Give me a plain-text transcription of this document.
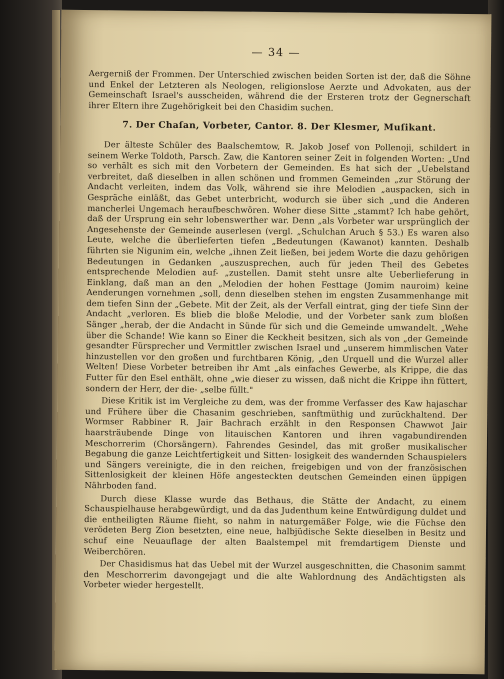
— 34 —

Aergerniß der Frommen. Der Unterschied zwischen beiden Sorten ist der, daß die Söhne und Enkel der Letzteren als Neologen, religionslose Aerzte und Advokaten, aus der Gemeinschaft Israel's ausscheiden, während die der Ersteren trotz der Gegnerschaft ihrer Eltern ihre Zugehörigkeit bei den Chasidim suchen.

7. Der Chaſan, Vorbeter, Cantor. 8. Der Klesmer, Muſikant.

Der älteste Schüler des Baalschemtow, R. Jakob Josef von Pollenoji, schildert in seinem Werke Toldoth, Parsch. Zaw, die Kantoren seiner Zeit in folgenden Worten: „Und so verhält es sich mit den Vorbetern der Gemeinden. Es hat sich der „Uebelstand verbreitet, daß dieselben in allen schönen und frommen Gemeinden „zur Störung der Andacht verleiten, indem das Volk, während sie ihre Melodien „auspacken, sich in Gespräche einläßt, das Gebet unterbricht, wodurch sie über sich „und die Anderen mancherlei Ungemach heraufbeschwören. Woher diese Sitte „stammt? Ich habe gehört, daß der Ursprung ein sehr lobenswerther war. Denn „als Vorbeter war ursprünglich der Angesehenste der Gemeinde auserlesen (vergl. „Schulchan Aruch § 53.) Es waren also Leute, welche die überlieferten tiefen „Bedeutungen (Kawanot) kannten. Deshalb führten sie Nigunim ein, welche „ihnen Zeit ließen, bei jedem Worte die dazu gehörigen Bedeutungen in Gedanken „auszusprechen, auch für jeden Theil des Gebetes entsprechende Melodien auf- „zustellen. Damit steht unsre alte Ueberlieferung in Einklang, daß man an den „Melodien der hohen Festtage (Jomim nauroim) keine Aenderungen vornehmen „soll, denn dieselben stehen im engsten Zusammenhange mit dem tiefen Sinn der „Gebete. Mit der Zeit, als der Verfall eintrat, ging der tiefe Sinn der Andacht „verloren. Es blieb die bloße Melodie, und der Vorbeter sank zum bloßen Sänger „herab, der die Andacht in Sünde für sich und die Gemeinde umwandelt. „Wehe über die Schande! Wie kann so Einer die Keckheit besitzen, sich als von „der Gemeinde gesandter Fürsprecher und Vermittler zwischen Israel und „unserem himmlischen Vater hinzustellen vor den großen und furchtbaren König, „den Urquell und die Wurzel aller Welten! Diese Vorbeter betreiben ihr Amt „als einfaches Gewerbe, als Krippe, die das Futter für den Esel enthält, ohne „wie dieser zu wissen, daß nicht die Krippe ihn füttert, sondern der Herr, der die- „selbe füllt."

Diese Kritik ist im Vergleiche zu dem, was der fromme Verfasser des Kaw hajaschar und Frühere über die Chasanim geschrieben, sanftmüthig und zurückhaltend. Der Wormser Rabbiner R. Jair Bachrach erzählt in den Responsen Chawwot Jair haarsträubende Dinge von litauischen Kantoren und ihren vagabundirenden Meschorrerim (Chorsängern). Fahrendes Gesindel, das mit großer musikalischer Begabung die ganze Leichtfertigkeit und Sitten- losigkeit des wandernden Schauspielers und Sängers vereinigte, die in den reichen, freigebigen und von der französischen Sittenlosigkeit der kleinen Höfe angesteckten deutschen Gemeinden einen üppigen Nährboden fand.

Durch diese Klasse wurde das Bethaus, die Stätte der Andacht, zu einem Schauspielhause herabgewürdigt, und da das Judenthum keine Entwürdigung duldet und die entheiligten Räume flieht, so nahm in naturgemäßer Folge, wie die Füchse den verödeten Berg Zion besetzten, eine neue, halbjüdische Sekte dieselben in Besitz und schuf eine Neuauflage der alten Baalstempel mit fremdartigem Dienste und Weiberchören.

Der Chasidismus hat das Uebel mit der Wurzel ausgeschnitten, die Chasonim sammt den Meschorrerim davongejagt und die alte Wahlordnung des Andächtigsten als Vorbeter wieder hergestellt.
